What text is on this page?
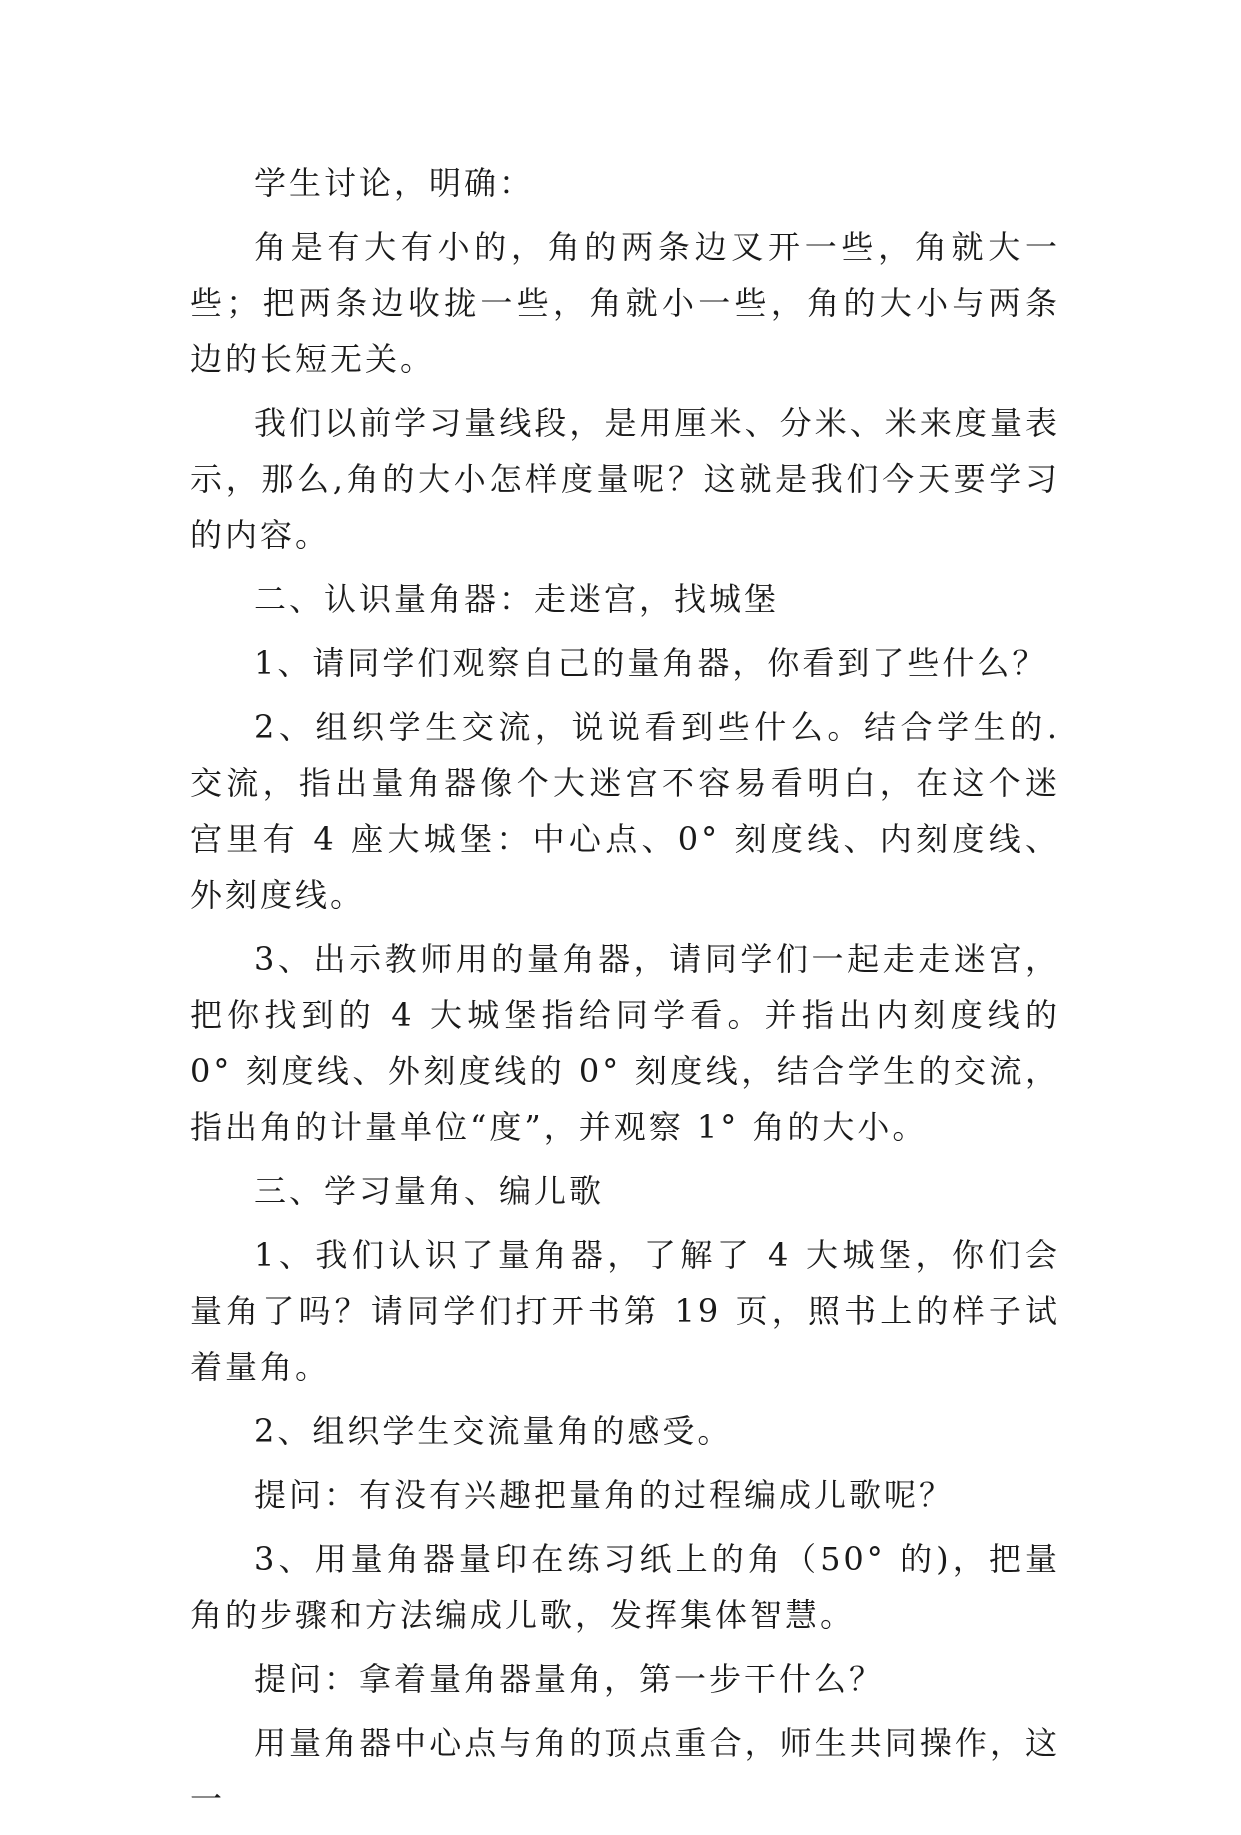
学生讨论，明确：

角是有大有小的，角的两条边叉开一些，角就大一些；把两条边收拢一些，角就小一些，角的大小与两条边的长短无关。

我们以前学习量线段，是用厘米、分米、米来度量表示，那么,角的大小怎样度量呢？这就是我们今天要学习的内容。

二、认识量角器：走迷宫，找城堡

1、请同学们观察自己的量角器，你看到了些什么？

2、组织学生交流，说说看到些什么。结合学生的.交流，指出量角器像个大迷宫不容易看明白，在这个迷宫里有 4 座大城堡：中心点、0° 刻度线、内刻度线、外刻度线。

3、出示教师用的量角器，请同学们一起走走迷宫，把你找到的 4 大城堡指给同学看。并指出内刻度线的 0° 刻度线、外刻度线的 0° 刻度线，结合学生的交流，指出角的计量单位“度”，并观察 1° 角的大小。

三、学习量角、编儿歌

1、我们认识了量角器，了解了 4 大城堡，你们会量角了吗？请同学们打开书第 19 页，照书上的样子试着量角。

2、组织学生交流量角的感受。

提问：有没有兴趣把量角的过程编成儿歌呢？

3、用量角器量印在练习纸上的角（50° 的)，把量角的步骤和方法编成儿歌，发挥集体智慧。

提问：拿着量角器量角，第一步干什么？

用量角器中心点与角的顶点重合，师生共同操作，这一
